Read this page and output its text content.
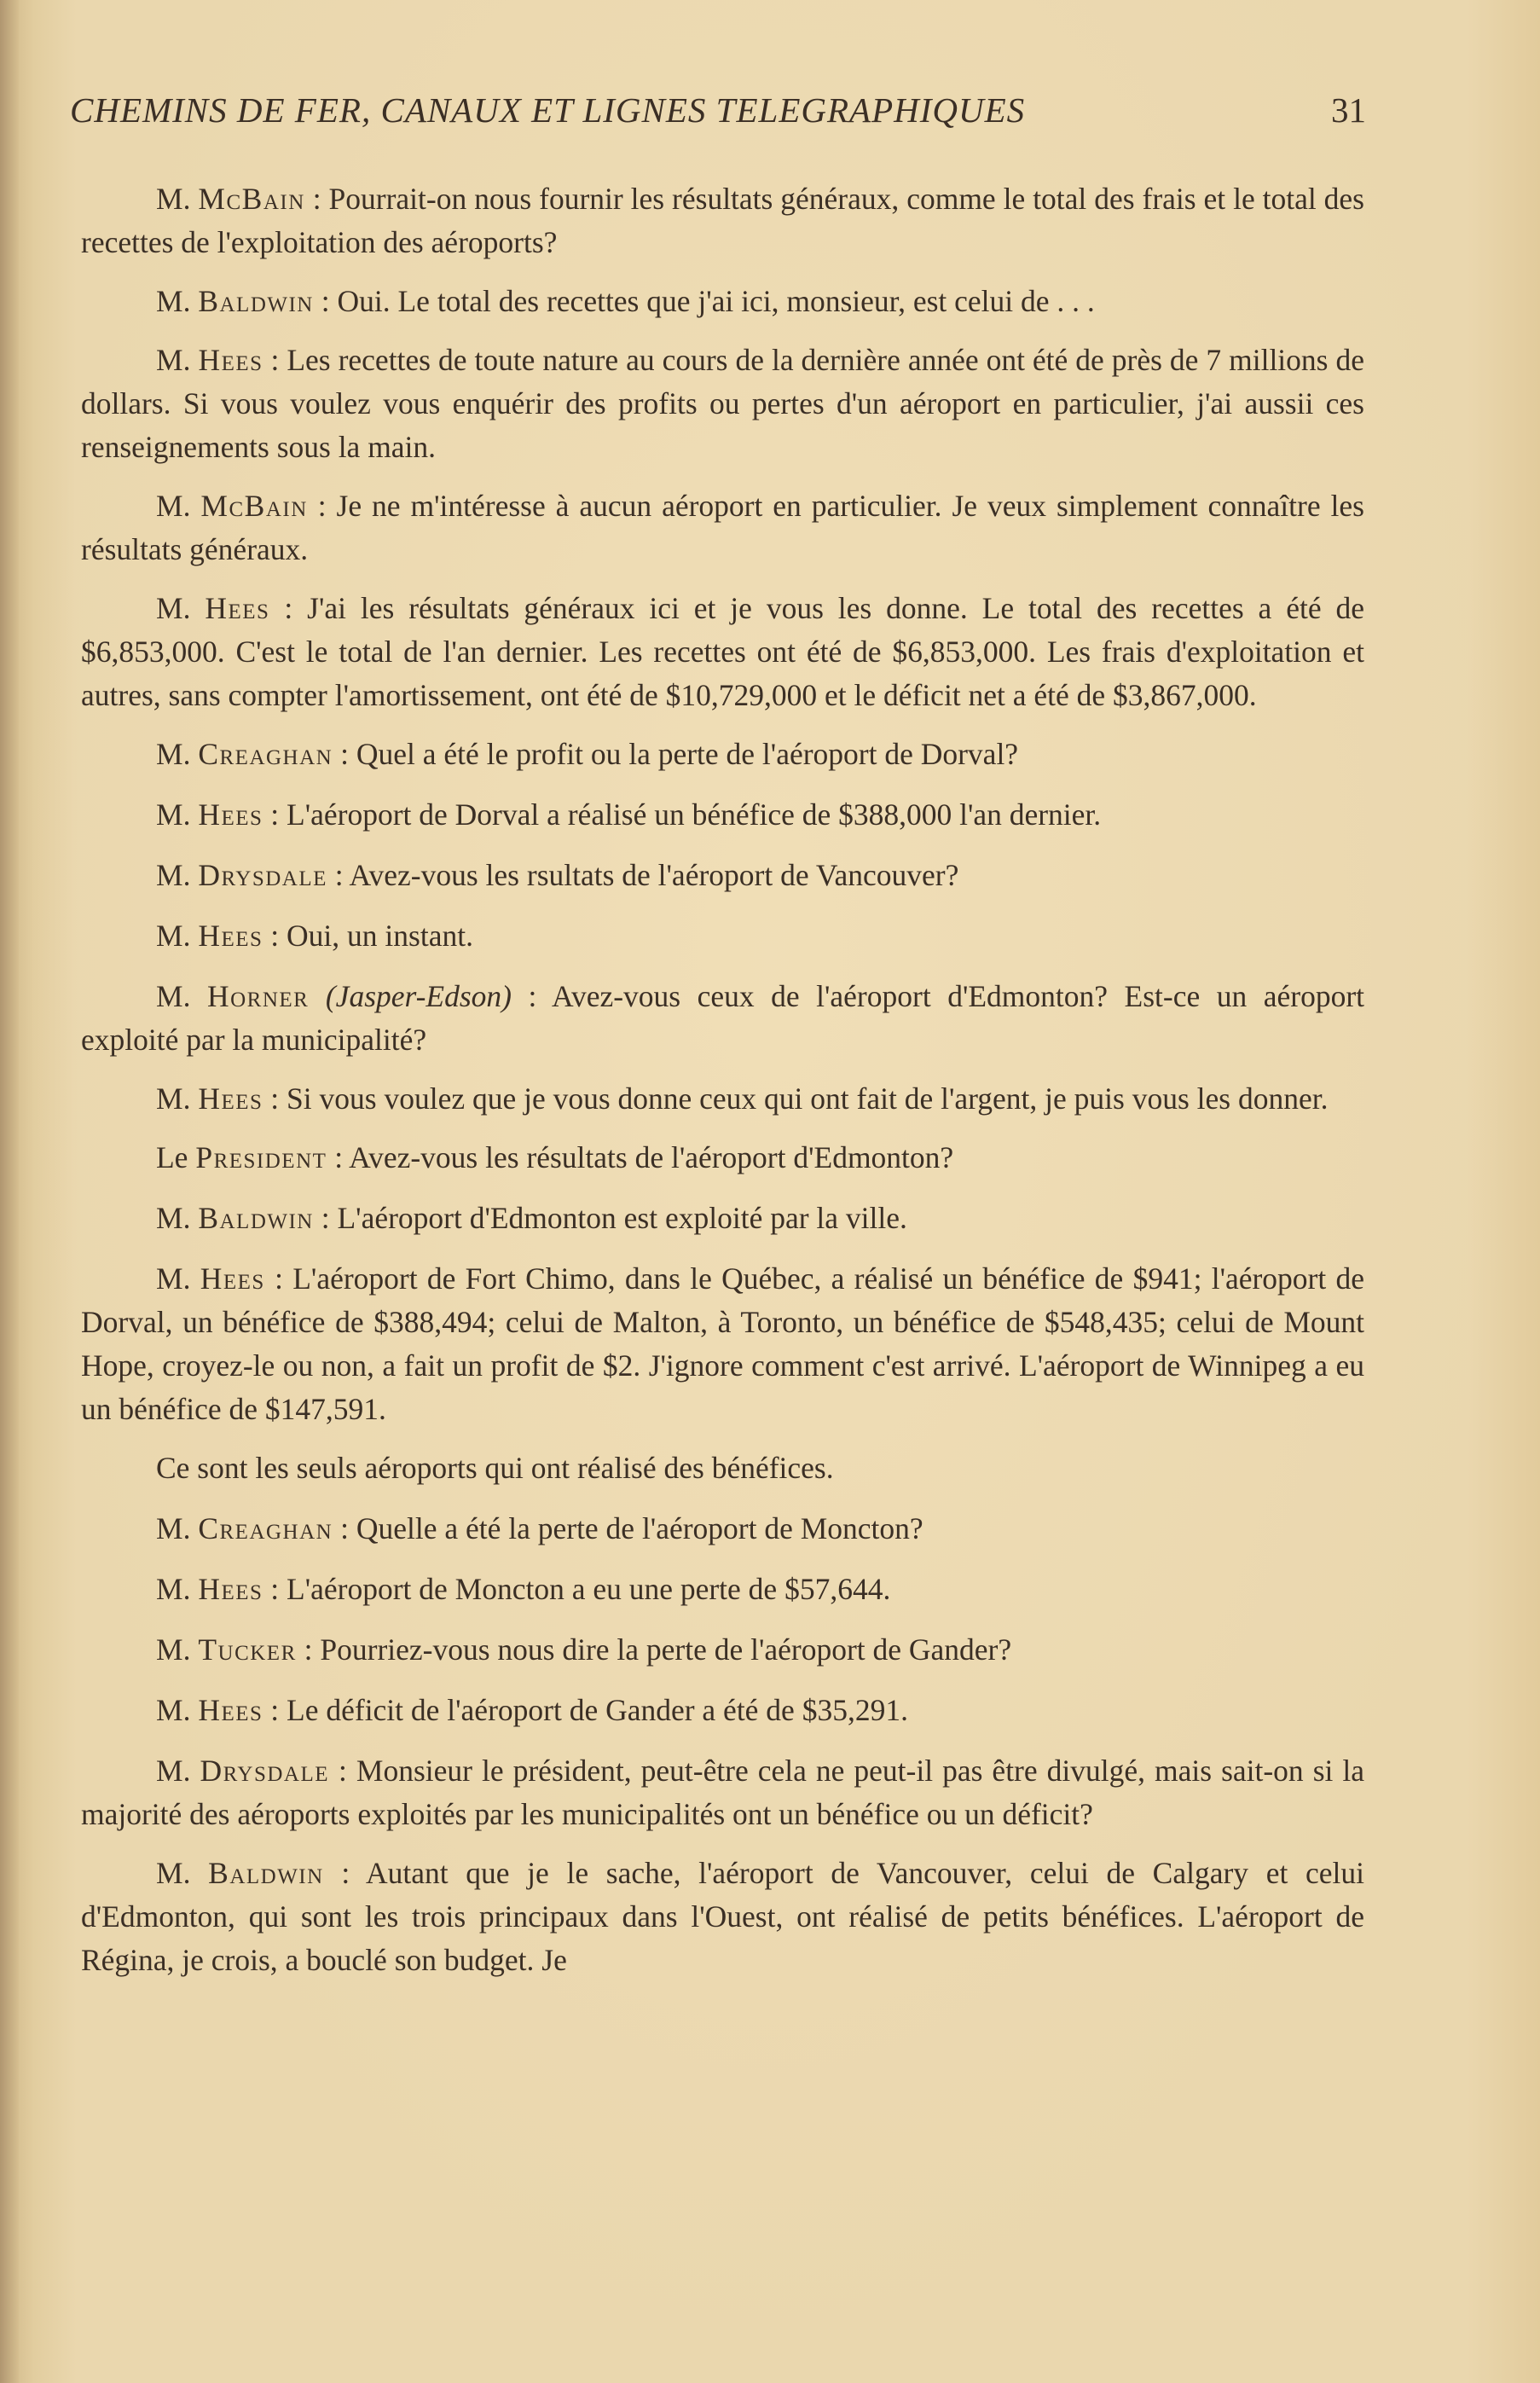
CHEMINS DE FER, CANAUX ET LIGNES TELEGRAPHIQUES	31

M. McBain : Pourrait-on nous fournir les résultats généraux, comme le total des frais et le total des recettes de l'exploitation des aéroports?

M. Baldwin : Oui. Le total des recettes que j'ai ici, monsieur, est celui de . . .

M. Hees : Les recettes de toute nature au cours de la dernière année ont été de près de 7 millions de dollars. Si vous voulez vous enquérir des profits ou pertes d'un aéroport en particulier, j'ai aussii ces renseignements sous la main.

M. McBain : Je ne m'intéresse à aucun aéroport en particulier. Je veux simplement connaître les résultats généraux.

M. Hees : J'ai les résultats généraux ici et je vous les donne. Le total des recettes a été de $6,853,000. C'est le total de l'an dernier. Les recettes ont été de $6,853,000. Les frais d'exploitation et autres, sans compter l'amortissement, ont été de $10,729,000 et le déficit net a été de $3,867,000.

M. Creaghan : Quel a été le profit ou la perte de l'aéroport de Dorval?

M. Hees : L'aéroport de Dorval a réalisé un bénéfice de $388,000 l'an dernier.

M. Drysdale : Avez-vous les rsultats de l'aéroport de Vancouver?

M. Hees : Oui, un instant.

M. Horner (Jasper-Edson) : Avez-vous ceux de l'aéroport d'Edmonton? Est-ce un aéroport exploité par la municipalité?

M. Hees : Si vous voulez que je vous donne ceux qui ont fait de l'argent, je puis vous les donner.

Le President : Avez-vous les résultats de l'aéroport d'Edmonton?

M. Baldwin : L'aéroport d'Edmonton est exploité par la ville.

M. Hees : L'aéroport de Fort Chimo, dans le Québec, a réalisé un bénéfice de $941; l'aéroport de Dorval, un bénéfice de $388,494; celui de Malton, à Toronto, un bénéfice de $548,435; celui de Mount Hope, croyez-le ou non, a fait un profit de $2. J'ignore comment c'est arrivé. L'aéroport de Winnipeg a eu un bénéfice de $147,591.

Ce sont les seuls aéroports qui ont réalisé des bénéfices.

M. Creaghan : Quelle a été la perte de l'aéroport de Moncton?

M. Hees : L'aéroport de Moncton a eu une perte de $57,644.

M. Tucker : Pourriez-vous nous dire la perte de l'aéroport de Gander?

M. Hees : Le déficit de l'aéroport de Gander a été de $35,291.

M. Drysdale : Monsieur le président, peut-être cela ne peut-il pas être divulgé, mais sait-on si la majorité des aéroports exploités par les municipalités ont un bénéfice ou un déficit?

M. Baldwin : Autant que je le sache, l'aéroport de Vancouver, celui de Calgary et celui d'Edmonton, qui sont les trois principaux dans l'Ouest, ont réalisé de petits bénéfices. L'aéroport de Régina, je crois, a bouclé son budget. Je
